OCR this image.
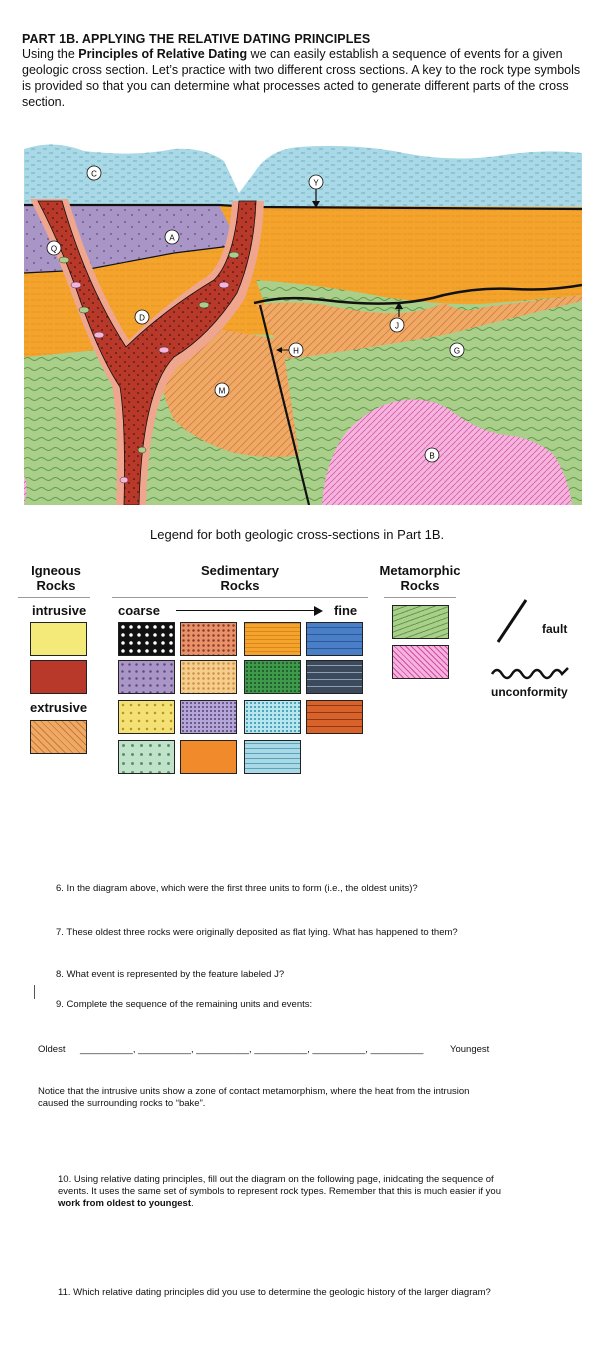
PART 1B. APPLYING THE RELATIVE DATING PRINCIPLES
Using the Principles of Relative Dating we can easily establish a sequence of events for a given geologic cross section. Let’s practice with two different cross sections. A key to the rock type symbols is provided so that you can determine what processes acted to generate different parts of the cross section.
C
A
Q
D
M
H
Y
J
G
B
Legend for both geologic cross-sections in Part 1B.
Igneous
Rocks
Sedimentary
Rocks
Metamorphic
Rocks
intrusive
extrusive
coarse	fine
fault
unconformity
6. In the diagram above, which were the first three units to form (i.e., the oldest units)?
7. These oldest three rocks were originally deposited as flat lying. What has happened to them?
8. What event is represented by the feature labeled J?
9. Complete the sequence of the remaining units and events:
Oldest __________, __________, __________, __________, __________, __________	Youngest
Notice that the intrusive units show a zone of contact metamorphism, where the heat from the intrusion caused the surrounding rocks to “bake”.
10. Using relative dating principles, fill out the diagram on the following page, inidcating the sequence of events. It uses the same set of symbols to represent rock types. Remember that this is much easier if you work from oldest to youngest.
11. Which relative dating principles did you use to determine the geologic history of the larger diagram?
